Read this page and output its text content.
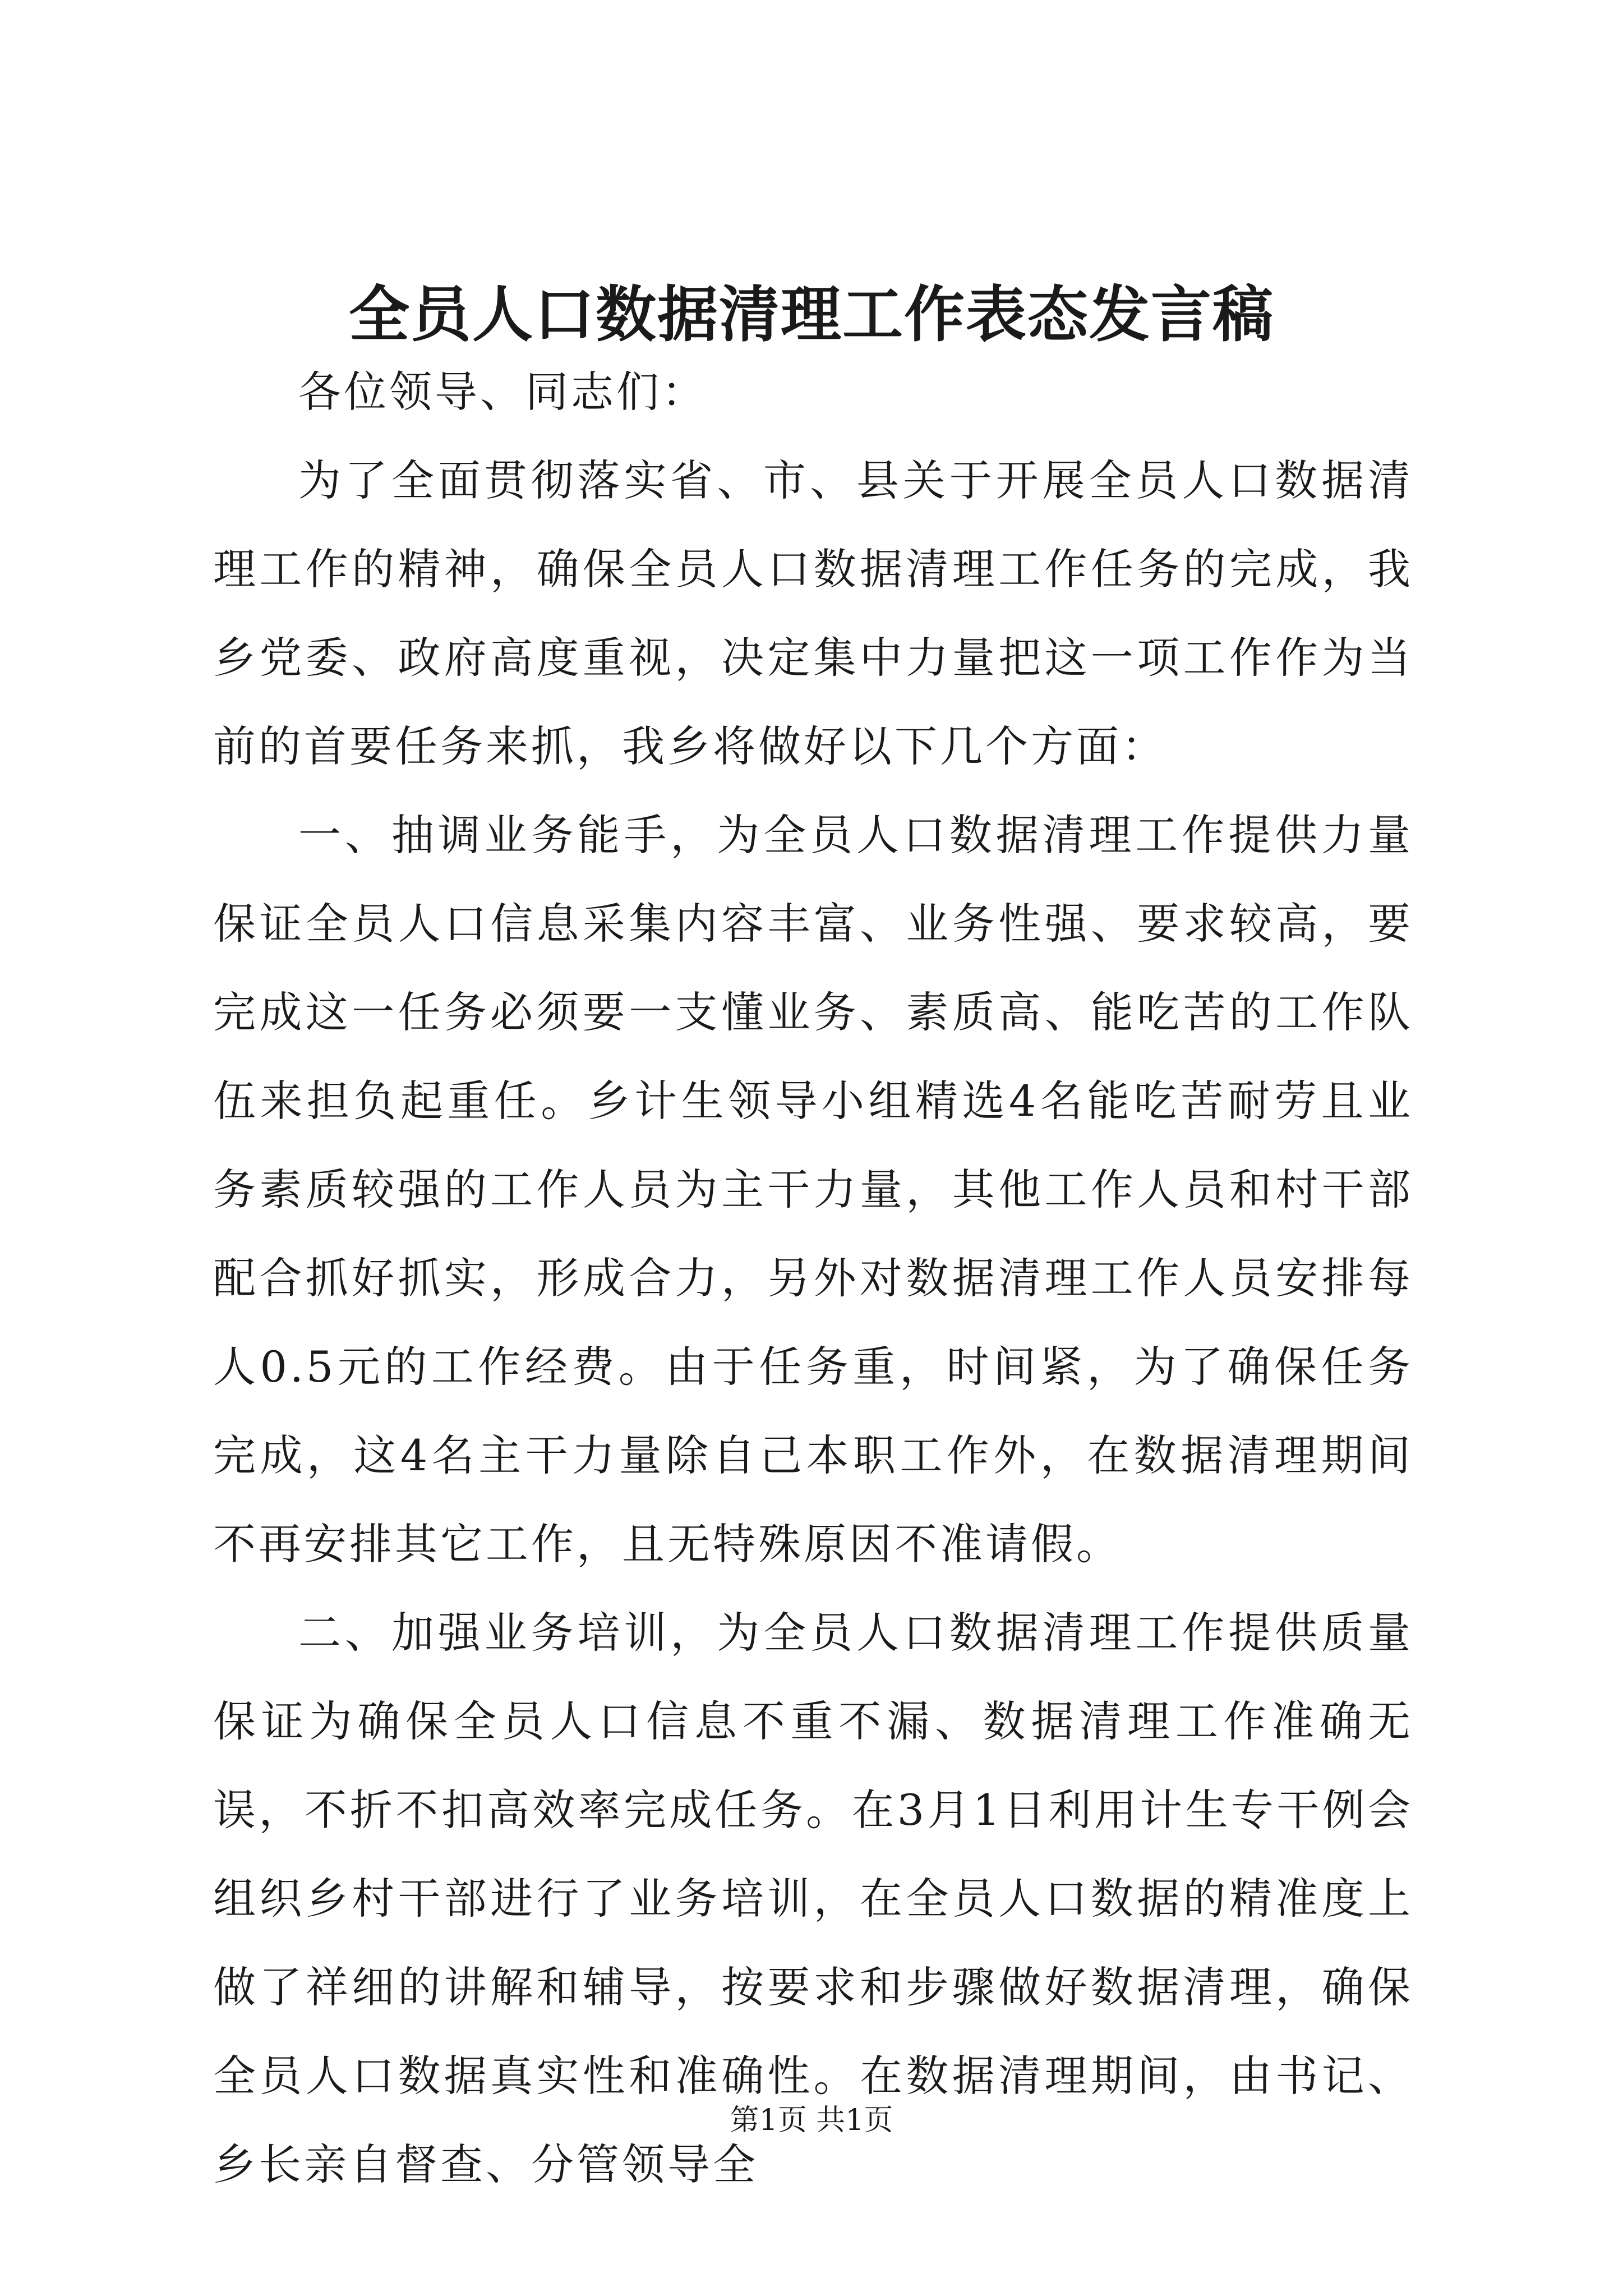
全员人口数据清理工作表态发言稿

各位领导、同志们：

为了全面贯彻落实省、市、县关于开展全员人口数据清理工作的精神，确保全员人口数据清理工作任务的完成，我乡党委、政府高度重视，决定集中力量把这一项工作作为当前的首要任务来抓，我乡将做好以下几个方面：

一、抽调业务能手，为全员人口数据清理工作提供力量保证全员人口信息采集内容丰富、业务性强、要求较高，要完成这一任务必须要一支懂业务、素质高、能吃苦的工作队伍来担负起重任。乡计生领导小组精选4名能吃苦耐劳且业务素质较强的工作人员为主干力量，其他工作人员和村干部配合抓好抓实，形成合力，另外对数据清理工作人员安排每人0.5元的工作经费。由于任务重，时间紧，为了确保任务完成，这4名主干力量除自己本职工作外，在数据清理期间不再安排其它工作，且无特殊原因不准请假。

二、加强业务培训，为全员人口数据清理工作提供质量保证为确保全员人口信息不重不漏、数据清理工作准确无误，不折不扣高效率完成任务。在3月1日利用计生专干例会组织乡村干部进行了业务培训，在全员人口数据的精准度上做了祥细的讲解和辅导，按要求和步骤做好数据清理，确保全员人口数据真实性和准确性。在数据清理期间，由书记、乡长亲自督查、分管领导全

第1页 共1页
